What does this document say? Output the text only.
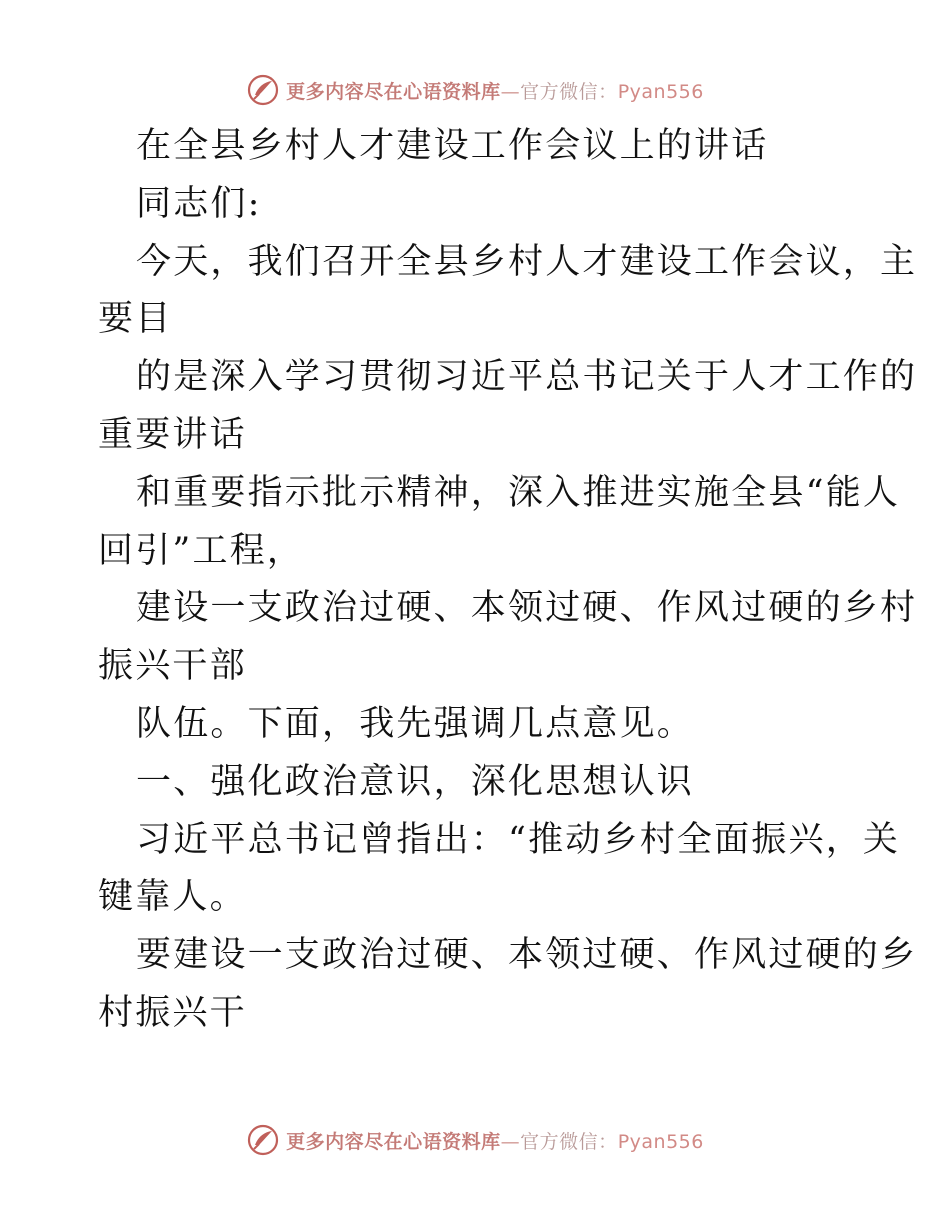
更多内容尽在心语资料库—官方微信：Pyan556
在全县乡村人才建设工作会议上的讲话
同志们:
今天，我们召开全县乡村人才建设工作会议，主
要目
的是深入学习贯彻习近平总书记关于人才工作的
重要讲话
和重要指示批示精神，深入推进实施全县“能人
回引”工程，
建设一支政治过硬、本领过硬、作风过硬的乡村
振兴干部
队伍。下面，我先强调几点意见。
一、强化政治意识，深化思想认识
习近平总书记曾指出：“推动乡村全面振兴，关
键靠人。
要建设一支政治过硬、本领过硬、作风过硬的乡
村振兴干
更多内容尽在心语资料库—官方微信：Pyan556
